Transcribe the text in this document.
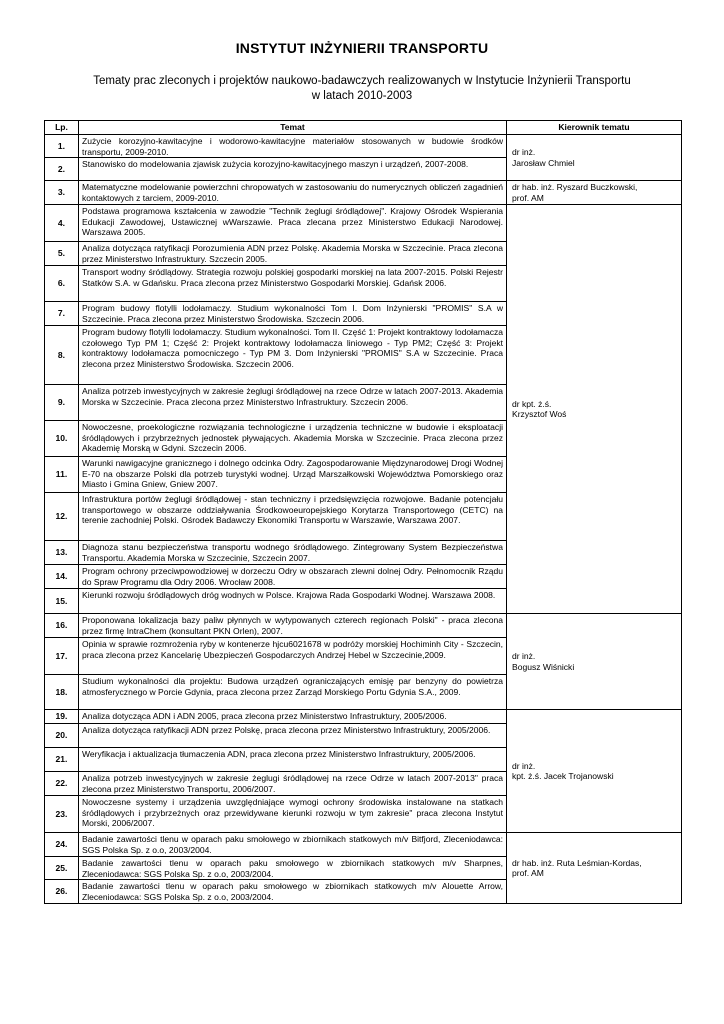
INSTYTUT INŻYNIERII TRANSPORTU
Tematy prac zleconych i projektów naukowo-badawczych realizowanych w Instytucie Inżynierii Transportu
w latach 2010-2003
Lp.	Temat	Kierownik tematu
1.	Zużycie korozyjno-kawitacyjne i wodorowo-kawitacyjne materiałów stosowanych w budowie środków transportu, 2009-2010.	dr inż.
Jarosław Chmiel

2.	Stanowisko do modelowania zjawisk zużycia korozyjno-kawitacyjnego maszyn i urządzeń, 2007-2008.	
3.	Matematyczne modelowanie powierzchni chropowatych w zastosowaniu do numerycznych obliczeń zagadnień kontaktowych z tarciem, 2009-2010.	dr hab. inż. Ryszard Buczkowski,
prof. AM

4.	Podstawa programowa kształcenia w zawodzie "Technik żeglugi śródlądowej". Krajowy Ośrodek Wspierania Edukacji Zawodowej, Ustawicznej wWarszawie. Praca zlecana przez Ministerstwo Edukacji Narodowej. Warszawa 2005.	dr kpt. ż.ś.
Krzysztof Woś

5.	Analiza dotycząca ratyfikacji Porozumienia ADN przez Polskę. Akademia Morska w Szczecinie. Praca zlecona przez Ministerstwo Infrastruktury. Szczecin 2005.	
6.	Transport wodny śródlądowy. Strategia rozwoju polskiej gospodarki morskiej na lata 2007-2015. Polski Rejestr Statków S.A. w Gdańsku. Praca zlecona przez Ministerstwo Gospodarki Morskiej. Gdańsk 2006.	
7.	Program budowy flotylli lodołamaczy. Studium wykonalności Tom I. Dom Inżynierski "PROMIS" S.A w Szczecinie. Praca zlecona przez Ministerstwo Środowiska. Szczecin 2006.	
8.	Program budowy flotylli lodołamaczy. Studium wykonalności. Tom II. Część 1: Projekt kontraktowy lodołamacza czołowego Typ PM 1; Część 2: Projekt kontraktowy lodołamacza liniowego - Typ PM2; Część 3: Projekt kontraktowy lodołamacza pomocniczego - Typ PM 3. Dom Inżynierski "PROMIS" S.A w Szczecinie. Praca zlecona przez Ministerstwo Środowiska. Szczecin 2006.	
9.	Analiza potrzeb inwestycyjnych w zakresie żeglugi śródlądowej na rzece Odrze w latach 2007-2013. Akademia Morska w Szczecinie. Praca zlecona przez Ministerstwo Infrastruktury. Szczecin 2006.	
10.	Nowoczesne, proekologiczne rozwiązania technologiczne i urządzenia techniczne w budowie i eksploatacji śródlądowych i przybrzeżnych jednostek pływających. Akademia Morska w Szczecinie. Praca zlecona przez Akademię Morską w Gdyni. Szczecin 2006.	
11.	Warunki nawigacyjne granicznego i dolnego odcinka Odry. Zagospodarowanie Międzynarodowej Drogi Wodnej E-70 na obszarze Polski dla potrzeb turystyki wodnej. Urząd Marszałkowski Województwa Pomorskiego oraz Miasto i Gmina Gniew, Gniew 2007.	
12.	Infrastruktura portów żeglugi śródlądowej - stan techniczny i przedsięwzięcia rozwojowe. Badanie potencjału transportowego w obszarze oddziaływania Środkowoeuropejskiego Korytarza Transportowego (CETC) na terenie zachodniej Polski. Ośrodek Badawczy Ekonomiki Transportu w Warszawie, Warszawa 2007.	
13.	Diagnoza stanu bezpieczeństwa transportu wodnego śródlądowego. Zintegrowany System Bezpieczeństwa Transportu. Akademia Morska w Szczecinie, Szczecin 2007.	
14.	Program ochrony przeciwpowodziowej w dorzeczu Odry w obszarach zlewni dolnej Odry. Pełnomocnik Rządu do Spraw Programu dla Odry 2006. Wrocław 2008.	
15.	Kierunki rozwoju śródlądowych dróg wodnych w Polsce. Krajowa Rada Gospodarki Wodnej. Warszawa 2008.	
16.	Proponowana lokalizacja bazy paliw płynnych w wytypowanych czterech regionach Polski" - praca zlecona przez firmę IntraChem (konsultant PKN Orlen), 2007.	dr inż.
Bogusz Wiśnicki

17.	Opinia w sprawie rozmrożenia ryby w kontenerze hjcu6021678 w podróży morskiej Hochiminh City - Szczecin, praca zlecona przez Kancelarię Ubezpieczeń Gospodarczych Andrzej Hebel w Szczecinie,2009.	
18.	Studium wykonalności dla projektu: Budowa urządzeń ograniczających emisję par benzyny do powietrza atmosferycznego w Porcie Gdynia, praca zlecona przez Zarząd Morskiego Portu Gdynia S.A., 2009.	
19.	Analiza dotycząca ADN i ADN 2005, praca zlecona przez Ministerstwo Infrastruktury, 2005/2006.	dr inż.
kpt. ż.ś. Jacek Trojanowski

20.	Analiza dotycząca ratyfikacji ADN przez Polskę, praca zlecona przez Ministerstwo Infrastruktury, 2005/2006.	
21.	Weryfikacja i aktualizacja tłumaczenia ADN, praca zlecona przez Ministerstwo Infrastruktury, 2005/2006.	
22.	Analiza potrzeb inwestycyjnych w zakresie żeglugi śródlądowej na rzece Odrze w latach 2007-2013" praca zlecona przez Ministerstwo Transportu, 2006/2007.	
23.	Nowoczesne systemy i urządzenia uwzględniające wymogi ochrony środowiska instalowane na statkach śródlądowych i przybrzeżnych oraz przewidywane kierunki rozwoju w tym zakresie" praca zlecona Instytut Morski, 2006/2007.	
24.	Badanie zawartości tlenu w oparach paku smołowego w zbiornikach statkowych m/v Bitfjord, Zleceniodawca: SGS Polska Sp. z o.o, 2003/2004.	dr hab. inż. Ruta Leśmian-Kordas,
prof. AM

25.	Badanie zawartości tlenu w oparach paku smołowego w zbiornikach statkowych m/v Sharpnes, Zleceniodawca: SGS Polska Sp. z o.o, 2003/2004.	
26.	Badanie zawartości tlenu w oparach paku smołowego w zbiornikach statkowych m/v Alouette Arrow, Zleceniodawca: SGS Polska Sp. z o.o, 2003/2004.	
